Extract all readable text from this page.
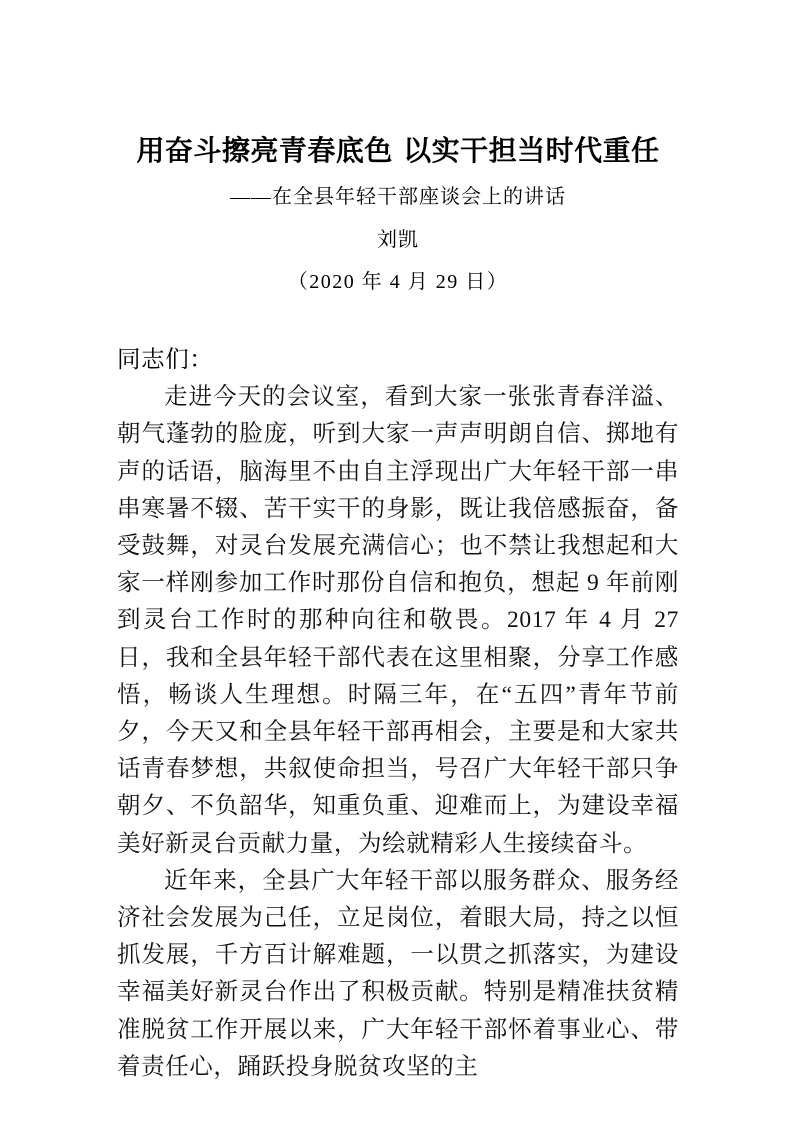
用奋斗擦亮青春底色 以实干担当时代重任
——在全县年轻干部座谈会上的讲话
刘凯
（2020 年 4 月 29 日）

同志们：

走进今天的会议室，看到大家一张张青春洋溢、朝气蓬勃的脸庞，听到大家一声声明朗自信、掷地有声的话语，脑海里不由自主浮现出广大年轻干部一串串寒暑不辍、苦干实干的身影，既让我倍感振奋，备受鼓舞，对灵台发展充满信心；也不禁让我想起和大家一样刚参加工作时那份自信和抱负，想起 9 年前刚到灵台工作时的那种向往和敬畏。2017 年 4 月 27 日，我和全县年轻干部代表在这里相聚，分享工作感悟，畅谈人生理想。时隔三年，在“五四”青年节前夕，今天又和全县年轻干部再相会，主要是和大家共话青春梦想，共叙使命担当，号召广大年轻干部只争朝夕、不负韶华，知重负重、迎难而上，为建设幸福美好新灵台贡献力量，为绘就精彩人生接续奋斗。

近年来，全县广大年轻干部以服务群众、服务经济社会发展为己任，立足岗位，着眼大局，持之以恒抓发展，千方百计解难题，一以贯之抓落实，为建设幸福美好新灵台作出了积极贡献。特别是精准扶贫精准脱贫工作开展以来，广大年轻干部怀着事业心、带着责任心，踊跃投身脱贫攻坚的主
